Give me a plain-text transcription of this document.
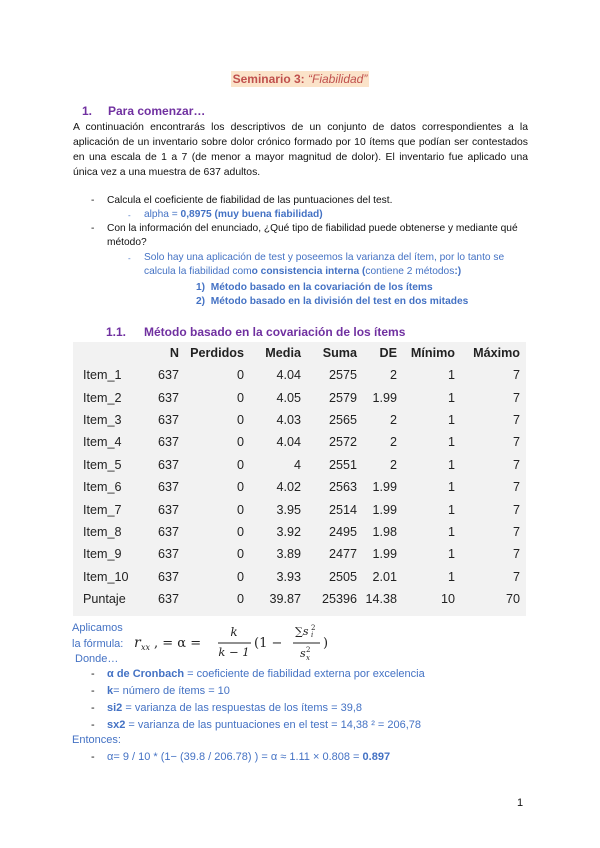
Seminario 3: “Fiabilidad”
1. Para comenzar…
A continuación encontrarás los descriptivos de un conjunto de datos correspondientes a la aplicación de un inventario sobre dolor crónico formado por 10 ítems que podían ser contestados en una escala de 1 a 7 (de menor a mayor magnitud de dolor). El inventario fue aplicado una única vez a una muestra de 637 adultos.
- Calcula el coeficiente de fiabilidad de las puntuaciones del test.
- alpha = 0,8975 (muy buena fiabilidad)
- Con la información del enunciado, ¿Qué tipo de fiabilidad puede obtenerse y mediante qué método?
- Solo hay una aplicación de test y poseemos la varianza del ítem, por lo tanto se calcula la fiabilidad como consistencia interna (contiene 2 métodos:)
1)  Método basado en la covariación de los ítems
2)  Método basado en la división del test en dos mitades
1.1. Método basado en la covariación de los ítems
	N	Perdidos	Media	Suma	DE	Mínimo	Máximo
Item_1	637	0	4.04	2575	2	1	7
Item_2	637	0	4.05	2579	1.99	1	7
Item_3	637	0	4.03	2565	2	1	7
Item_4	637	0	4.04	2572	2	1	7
Item_5	637	0	4	2551	2	1	7
Item_6	637	0	4.02	2563	1.99	1	7
Item_7	637	0	3.95	2514	1.99	1	7
Item_8	637	0	3.92	2495	1.98	1	7
Item_9	637	0	3.89	2477	1.99	1	7
Item_10	637	0	3.93	2505	2.01	1	7
Puntaje	637	0	39.87	25396	14.38	10	70
Aplicamos
la fórmula: r xx , = α =
k
k − 1
(1 −
∑s 2
i
s 2
x
)
Donde…
- α de Cronbach = coeficiente de fiabilidad externa por excelencia
- k= número de ítems = 10
- si2 = varianza de las respuestas de los ítems = 39,8
- sx2 = varianza de las puntuaciones en el test = 14,38 ² = 206,78
Entonces:
- α= 9 / 10 * (1− (39.8 / 206.78) ) = α ≈ 1.11 × 0.808 = 0.897
1
